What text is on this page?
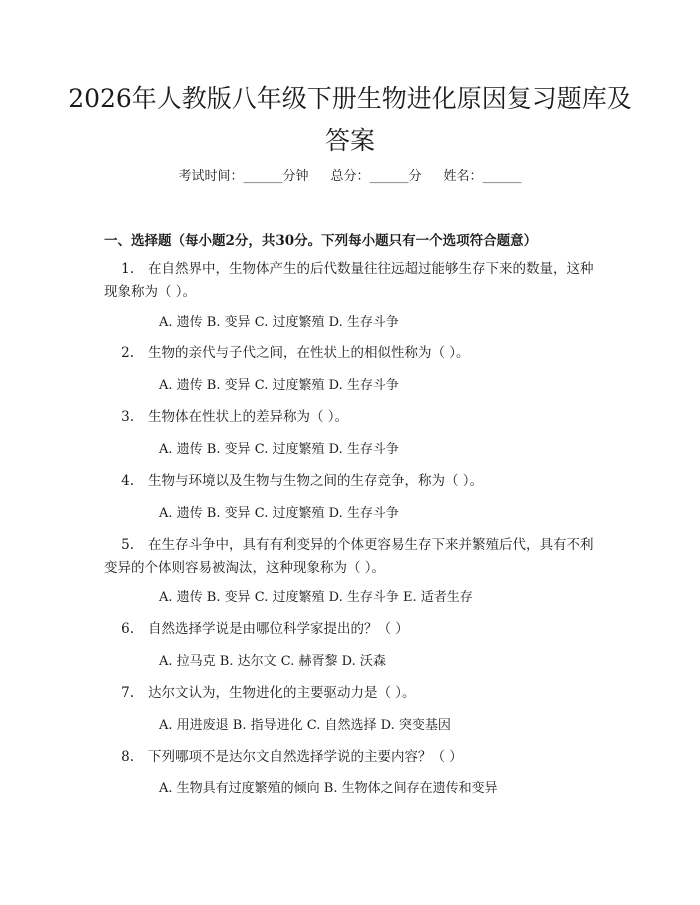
2026年人教版八年级下册生物进化原因复习题库及答案
考试时间：______分钟 总分：______分 姓名：______
一、选择题（每小题2分，共30分。下列每小题只有一个选项符合题意）

1. 在自然界中，生物体产生的后代数量往往远超过能够生存下来的数量，这种现象称为（ ）。

A. 遗传 B. 变异 C. 过度繁殖 D. 生存斗争

2. 生物的亲代与子代之间，在性状上的相似性称为（ ）。

A. 遗传 B. 变异 C. 过度繁殖 D. 生存斗争

3. 生物体在性状上的差异称为（ ）。

A. 遗传 B. 变异 C. 过度繁殖 D. 生存斗争

4. 生物与环境以及生物与生物之间的生存竞争，称为（ ）。

A. 遗传 B. 变异 C. 过度繁殖 D. 生存斗争

5. 在生存斗争中，具有有利变异的个体更容易生存下来并繁殖后代，具有不利变异的个体则容易被淘汰，这种现象称为（ ）。

A. 遗传 B. 变异 C. 过度繁殖 D. 生存斗争 E. 适者生存

6. 自然选择学说是由哪位科学家提出的？（ ）

A. 拉马克 B. 达尔文 C. 赫胥黎 D. 沃森

7. 达尔文认为，生物进化的主要驱动力是（ ）。

A. 用进废退 B. 指导进化 C. 自然选择 D. 突变基因

8. 下列哪项不是达尔文自然选择学说的主要内容？（ ）

A. 生物具有过度繁殖的倾向 B. 生物体之间存在遗传和变异
